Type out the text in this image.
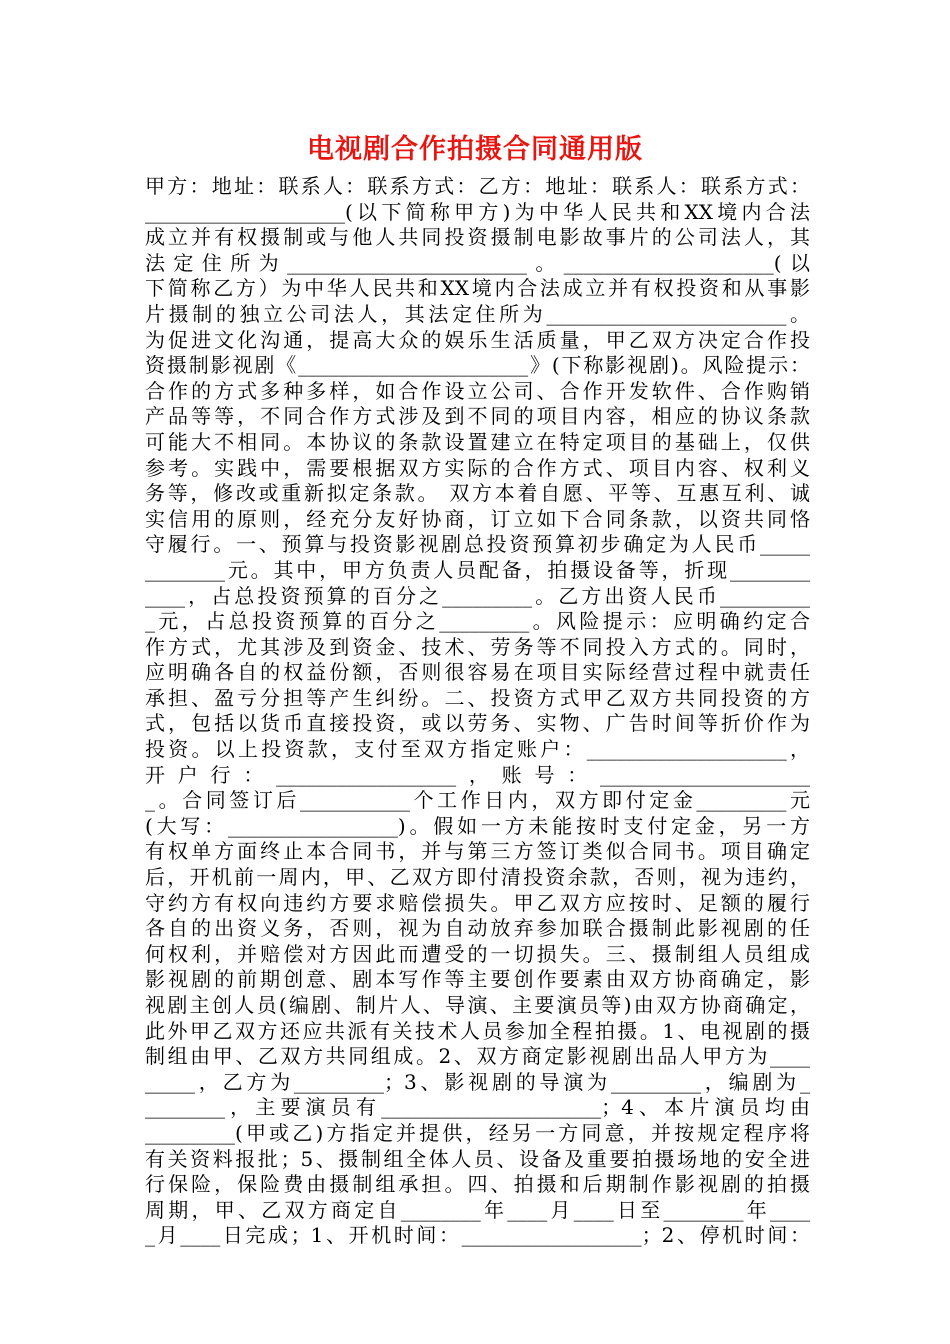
电视剧合作拍摄合同通用版
甲方：地址：联系人：联系方式：乙方：地址：联系人：联系方式：
____________________(以下简称甲方)为中华人民共和XX境内合法
成立并有权摄制或与他人共同投资摄制电影故事片的公司法人，其
法定住所为________________________。_____________________(以
下简称乙方）为中华人民共和XX境内合法成立并有权投资和从事影
片摄制的独立公司法人，其法定住所为________________________。
为促进文化沟通，提高大众的娱乐生活质量，甲乙双方决定合作投
资摄制影视剧《_______________________》(下称影视剧)。风险提示：
合作的方式多种多样，如合作设立公司、合作开发软件、合作购销
产品等等，不同合作方式涉及到不同的项目内容，相应的协议条款
可能大不相同。本协议的条款设置建立在特定项目的基础上，仅供
参考。实践中，需要根据双方实际的合作方式、项目内容、权利义
务等，修改或重新拟定条款。 双方本着自愿、平等、互惠互利、诚
实信用的原则，经充分友好协商，订立如下合同条款，以资共同恪
守履行。一、预算与投资影视剧总投资预算初步确定为人民币_____
________元。其中，甲方负责人员配备，拍摄设备等，折现________
____，占总投资预算的百分之_________。乙方出资人民币_________
_元，占总投资预算的百分之_________。风险提示：应明确约定合
作方式，尤其涉及到资金、技术、劳务等不同投入方式的。同时，
应明确各自的权益份额，否则很容易在项目实际经营过程中就责任
承担、盈亏分担等产生纠纷。二、投资方式甲乙双方共同投资的方
式，包括以货币直接投资，或以劳务、实物、广告时间等折价作为
投资。以上投资款，支付至双方指定账户：____________________，
开户行：__________________，账号：_____________________
_。合同签订后___________个工作日内，双方即付定金_________元
(大写：_________________)。假如一方未能按时支付定金，另一方
有权单方面终止本合同书，并与第三方签订类似合同书。项目确定
后，开机前一周内，甲、乙双方即付清投资余款，否则，视为违约，
守约方有权向违约方要求赔偿损失。甲乙双方应按时、足额的履行
各自的出资义务，否则，视为自动放弃参加联合摄制此影视剧的任
何权利，并赔偿对方因此而遭受的一切损失。三、摄制组人员组成
影视剧的前期创意、剧本写作等主要创作要素由双方协商确定，影
视剧主创人员(编剧、制片人、导演、主要演员等)由双方协商确定，
此外甲乙双方还应共派有关技术人员参加全程拍摄。1、电视剧的摄
制组由甲、乙双方共同组成。2、双方商定影视剧出品人甲方为____
_____，乙方为_________；3、影视剧的导演为_________，编剧为_
________，主要演员有______________________；4、本片演员均由
_________(甲或乙)方指定并提供，经另一方同意，并按规定程序将
有关资料报批；5、摄制组全体人员、设备及重要拍摄场地的安全进
行保险，保险费由摄制组承担。四、拍摄和后期制作影视剧的拍摄
周期，甲、乙双方商定自________年____月____日至________年____
_月____日完成；1、开机时间：__________________；2、停机时间：
